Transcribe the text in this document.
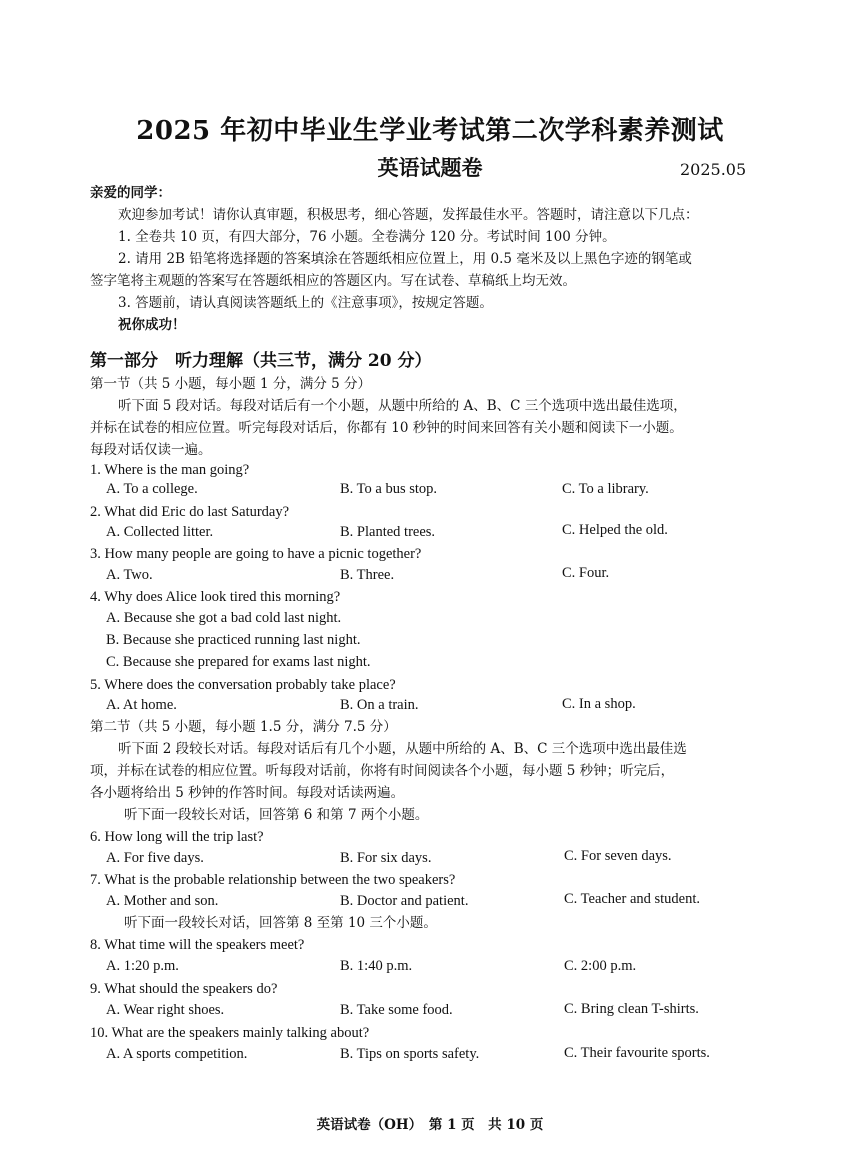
2025 年初中毕业生学业考试第二次学科素养测试
英语试题卷	2025.05
亲爱的同学：
欢迎参加考试！请你认真审题，积极思考，细心答题，发挥最佳水平。答题时，请注意以下几点：
1. 全卷共 10 页，有四大部分，76 小题。全卷满分 120 分。考试时间 100 分钟。
2. 请用 2B 铅笔将选择题的答案填涂在答题纸相应位置上，用 0.5 毫米及以上黑色字迹的钢笔或
签字笔将主观题的答案写在答题纸相应的答题区内。写在试卷、草稿纸上均无效。
3. 答题前，请认真阅读答题纸上的《注意事项》，按规定答题。
祝你成功！
第一部分　听力理解（共三节，满分 20 分）
第一节（共 5 小题，每小题 1 分，满分 5 分）
听下面 5 段对话。每段对话后有一个小题，从题中所给的 A、B、C 三个选项中选出最佳选项，
并标在试卷的相应位置。听完每段对话后，你都有 10 秒钟的时间来回答有关小题和阅读下一小题。
每段对话仅读一遍。
1. Where is the man going?
A. To a college.	B. To a bus stop.	C. To a library.
2. What did Eric do last Saturday?
A. Collected litter.	B. Planted trees.	C. Helped the old.
3. How many people are going to have a picnic together?
A. Two.	B. Three.	C. Four.
4. Why does Alice look tired this morning?
A. Because she got a bad cold last night.
B. Because she practiced running last night.
C. Because she prepared for exams last night.
5. Where does the conversation probably take place?
A. At home.	B. On a train.	C. In a shop.
第二节（共 5 小题，每小题 1.5 分，满分 7.5 分）
听下面 2 段较长对话。每段对话后有几个小题，从题中所给的 A、B、C 三个选项中选出最佳选
项，并标在试卷的相应位置。听每段对话前，你将有时间阅读各个小题，每小题 5 秒钟；听完后，
各小题将给出 5 秒钟的作答时间。每段对话读两遍。
听下面一段较长对话，回答第 6 和第 7 两个小题。
6. How long will the trip last?
A. For five days.	B. For six days.	C. For seven days.
7. What is the probable relationship between the two speakers?
A. Mother and son.	B. Doctor and patient.	C. Teacher and student.
听下面一段较长对话，回答第 8 至第 10 三个小题。
8. What time will the speakers meet?
A. 1:20 p.m.	B. 1:40 p.m.	C. 2:00 p.m.
9. What should the speakers do?
A. Wear right shoes.	B. Take some food.	C. Bring clean T-shirts.
10. What are the speakers mainly talking about?
A. A sports competition.	B. Tips on sports safety.	C. Their favourite sports.
英语试卷（OH）　第 1 页　共 10 页
